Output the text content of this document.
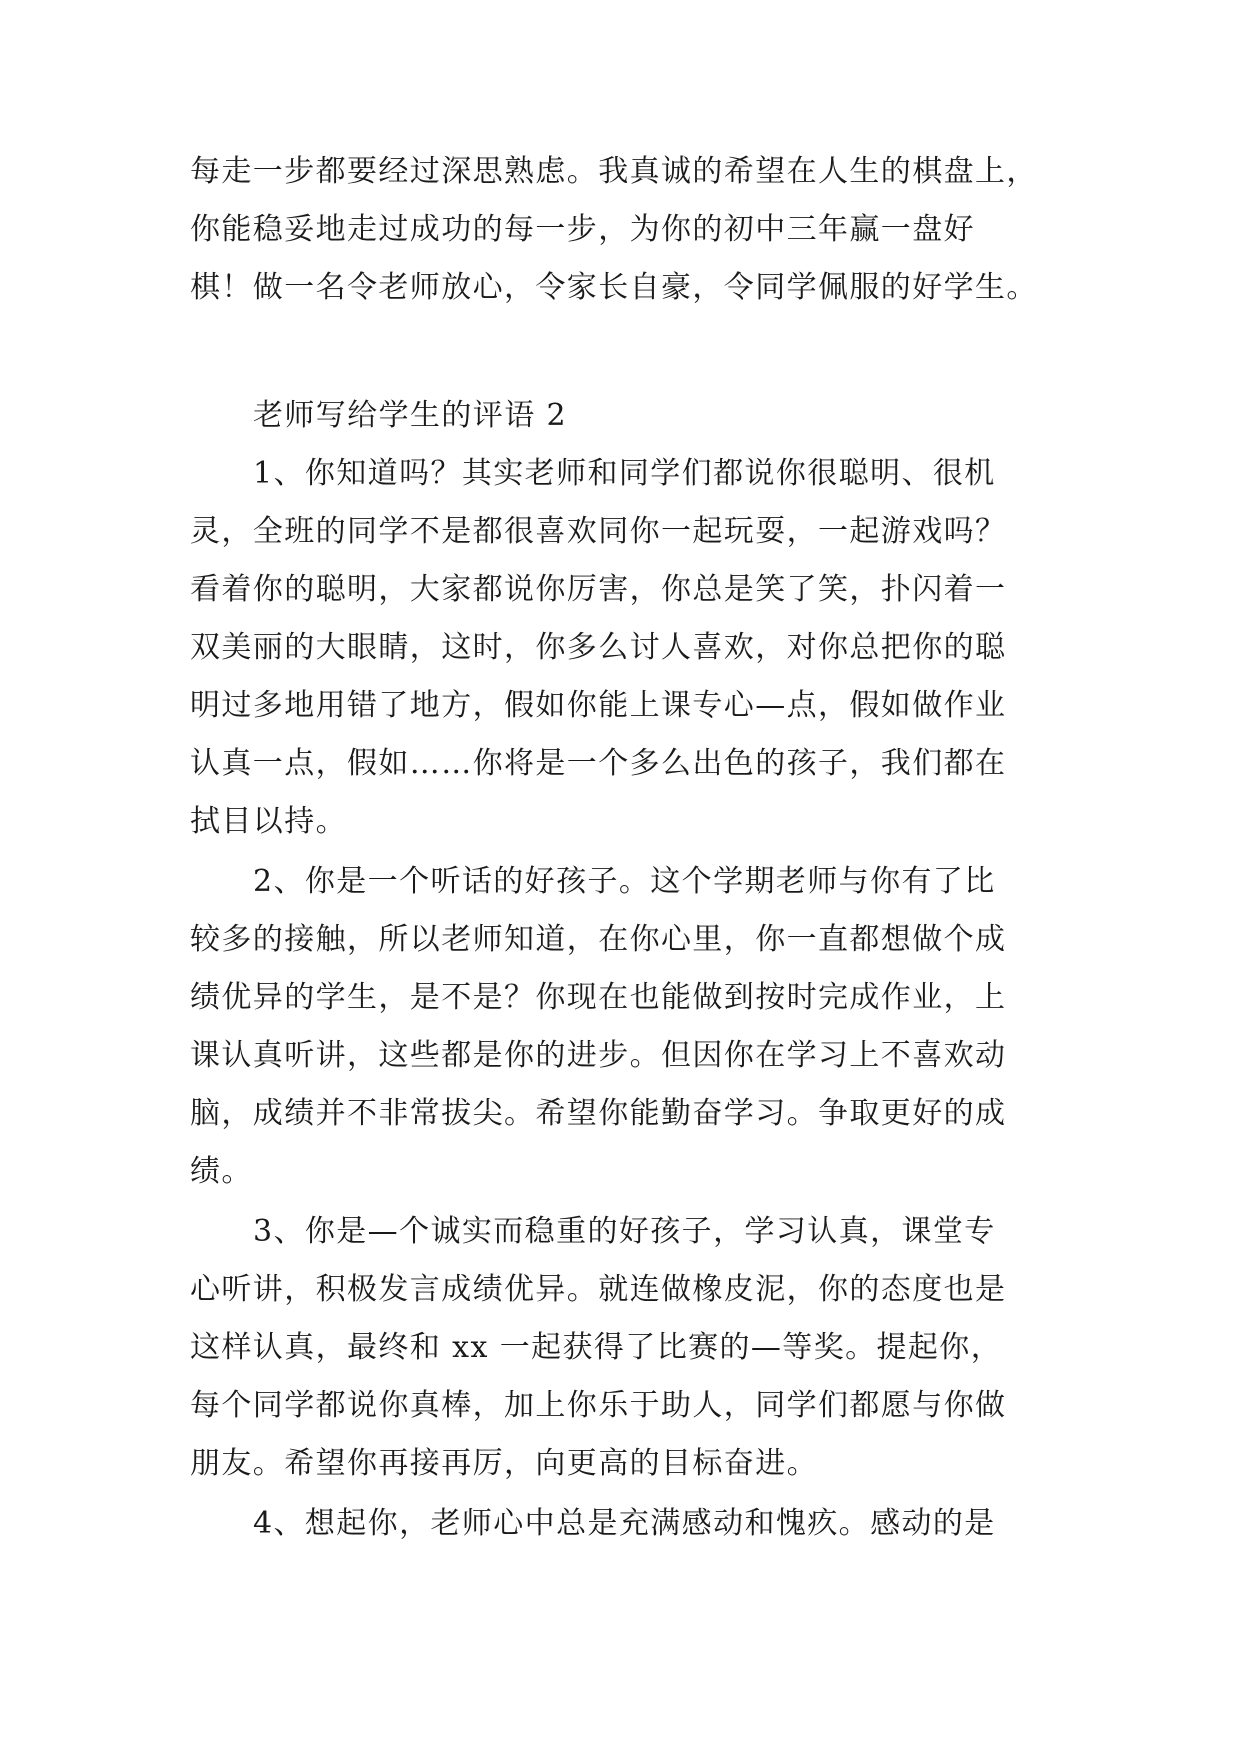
每走一步都要经过深思熟虑。我真诚的希望在人生的棋盘上，
你能稳妥地走过成功的每一步，为你的初中三年赢一盘好
棋！做一名令老师放心，令家长自豪，令同学佩服的好学生。
老师写给学生的评语 2
1、你知道吗？其实老师和同学们都说你很聪明、很机
灵，全班的同学不是都很喜欢同你一起玩耍，一起游戏吗？
看着你的聪明，大家都说你厉害，你总是笑了笑，扑闪着一
双美丽的大眼睛，这时，你多么讨人喜欢，对你总把你的聪
明过多地用错了地方，假如你能上课专心—点，假如做作业
认真一点，假如……你将是一个多么出色的孩子，我们都在
拭目以持。
2、你是一个听话的好孩子。这个学期老师与你有了比
较多的接触，所以老师知道，在你心里，你一直都想做个成
绩优异的学生，是不是？你现在也能做到按时完成作业，上
课认真听讲，这些都是你的进步。但因你在学习上不喜欢动
脑，成绩并不非常拔尖。希望你能勤奋学习。争取更好的成
绩。
3、你是—个诚实而稳重的好孩子，学习认真，课堂专
心听讲，积极发言成绩优异。就连做橡皮泥，你的态度也是
这样认真，最终和 xx 一起获得了比赛的—等奖。提起你，
每个同学都说你真棒，加上你乐于助人，同学们都愿与你做
朋友。希望你再接再厉，向更高的目标奋进。
4、想起你，老师心中总是充满感动和愧疚。感动的是
